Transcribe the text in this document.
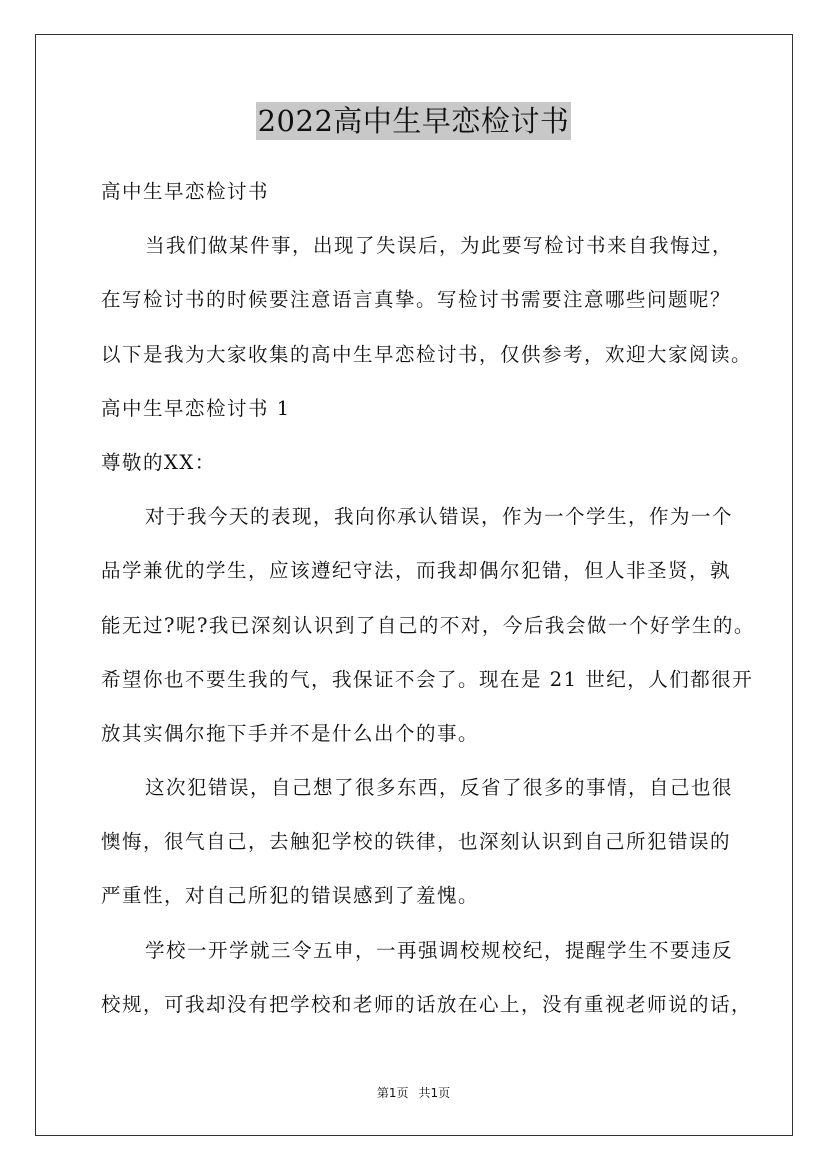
2022高中生早恋检讨书
高中生早恋检讨书
当我们做某件事，出现了失误后，为此要写检讨书来自我悔过，
在写检讨书的时候要注意语言真挚。写检讨书需要注意哪些问题呢？
以下是我为大家收集的高中生早恋检讨书，仅供参考，欢迎大家阅读。
高中生早恋检讨书 1
尊敬的XX：
对于我今天的表现，我向你承认错误，作为一个学生，作为一个
品学兼优的学生，应该遵纪守法，而我却偶尔犯错，但人非圣贤，孰
能无过?呢?我已深刻认识到了自己的不对，今后我会做一个好学生的。
希望你也不要生我的气，我保证不会了。现在是 21 世纪，人们都很开
放其实偶尔拖下手并不是什么出个的事。
这次犯错误，自己想了很多东西，反省了很多的事情，自己也很
懊悔，很气自己，去触犯学校的铁律，也深刻认识到自己所犯错误的
严重性，对自己所犯的错误感到了羞愧。
学校一开学就三令五申，一再强调校规校纪，提醒学生不要违反
校规，可我却没有把学校和老师的话放在心上，没有重视老师说的话，
第1页 共1页
